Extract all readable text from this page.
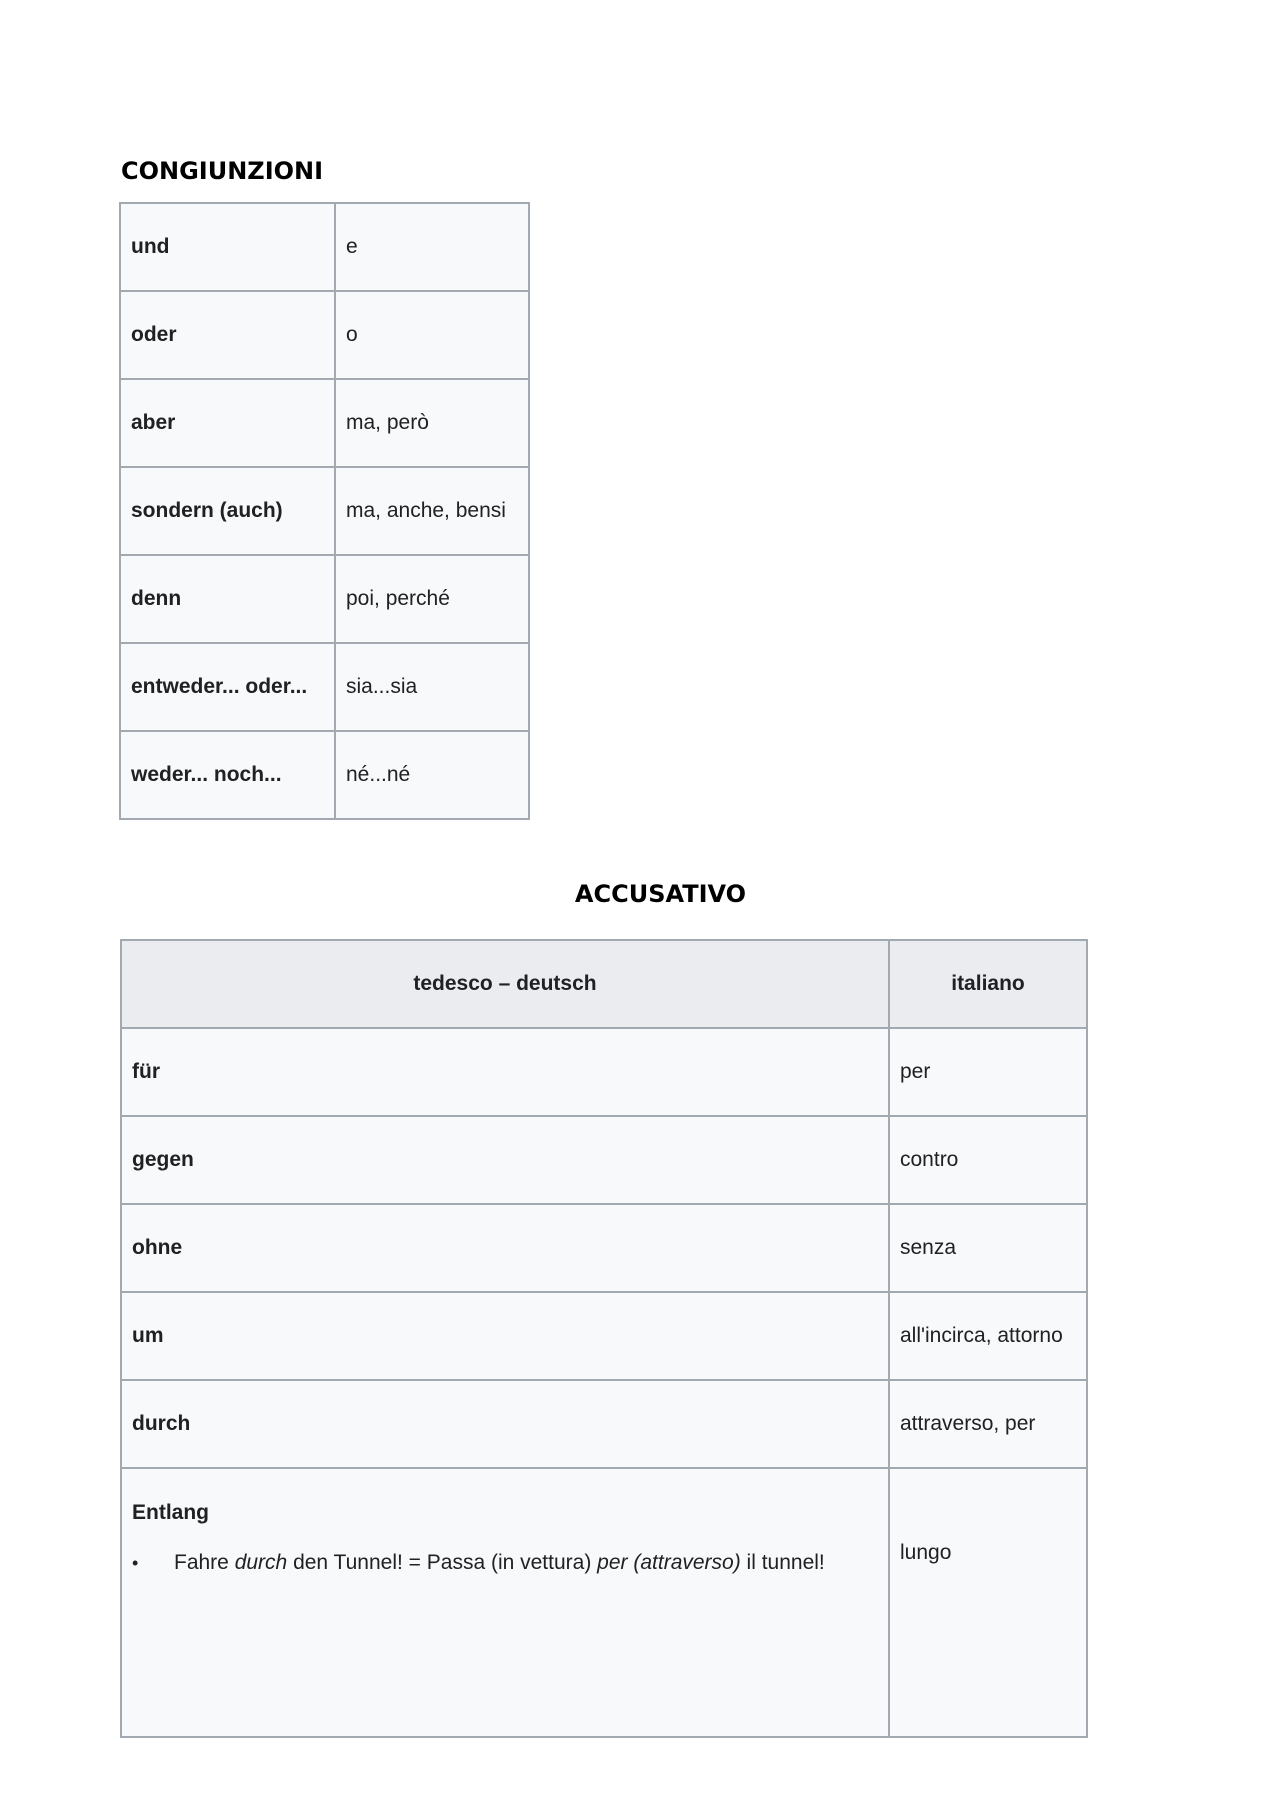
CONGIUNZIONI
und	e
oder	o
aber	ma, però
sondern (auch)	ma, anche, bensi
denn	poi, perché
entweder... oder...	sia...sia
weder... noch...	né...né
ACCUSATIVO
tedesco – deutsch	italiano
für	per
gegen	contro
ohne	senza
um	all'incirca, attorno
durch	attraverso, per

Entlang
• Fahre durch den Tunnel! = Passa (in vettura) per (attraverso) il tunnel!	lungo
